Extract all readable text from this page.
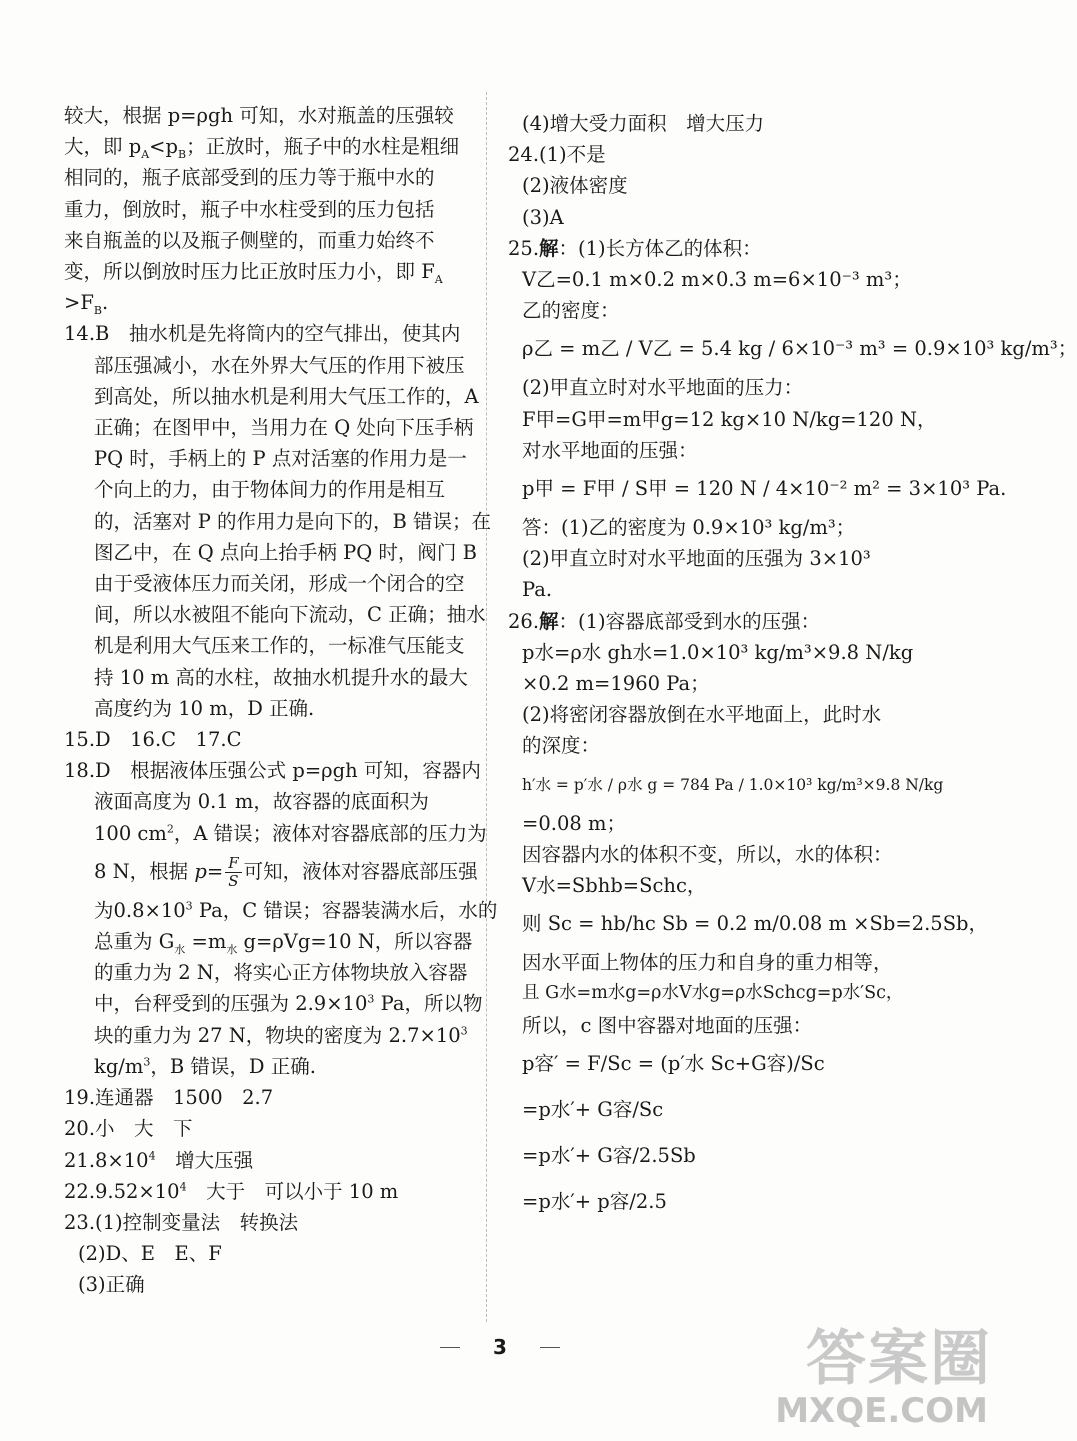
较大，根据 p=ρgh 可知，水对瓶盖的压强较
大，即 $p_A<p_B$；正放时，瓶子中的水柱是粗细
相同的，瓶子底部受到的压力等于瓶中水的
重力，倒放时，瓶子中水柱受到的压力包括
来自瓶盖的以及瓶子侧壁的，而重力始终不
变，所以倒放时压力比正放时压力小，即 $F_A$
$>F_B$.
14.B　抽水机是先将筒内的空气排出，使其内
部压强减小，水在外界大气压的作用下被压
到高处，所以抽水机是利用大气压工作的，A
正确；在图甲中，当用力在 Q 处向下压手柄
PQ 时，手柄上的 P 点对活塞的作用力是一
个向上的力，由于物体间力的作用是相互
的，活塞对 P 的作用力是向下的，B 错误；在
图乙中，在 Q 点向上抬手柄 PQ 时，阀门 B
由于受液体压力而关闭，形成一个闭合的空
间，所以水被阻不能向下流动，C 正确；抽水
机是利用大气压来工作的，一标准气压能支
持 10 m 高的水柱，故抽水机提升水的最大
高度约为 10 m，D 正确.
15.D　16.C　17.C
18.D　根据液体压强公式 p=ρgh 可知，容器内
液面高度为 0.1 m，故容器的底面积为
100 $cm^2$，A 错误；液体对容器底部的压力为
8 N，根据 $p= \frac{F}{S}$ 可知，液体对容器底部压强
为$0.8\times 10^3$ Pa，C 错误；容器装满水后，水的
总重为 $G_水 =m_水$ g=ρVg=10 N，所以容器
的重力为 2 N，将实心正方体物块放入容器
中，台秤受到的压强为 $2.9\times 10^3$ Pa，所以物
块的重力为 27 N，物块的密度为 $2.7\times 10^3$
$kg/m^3$，B 错误，D 正确.
19.连通器　1500　2.7
20.小　大　下
$21.8\times 10^4$　增大压强
$22.9.52\times 10^4$　大于　可以小于 10 m
23.(1)控制变量法　转换法
(2)D、E　E、F
(3)正确
(4)增大受力面积　增大压力
24.(1)不是
(2)液体密度
(3)A
25.解：(1)长方体乙的体积：
V乙=0.1 m×0.2 m×0.3 m=6×10⁻³ m³；
乙的密度：
ρ乙 = m乙 / V乙 = 5.4 kg / 6×10⁻³ m³ = 0.9×10³ kg/m³；
(2)甲直立时对水平地面的压力：
F甲=G甲=m甲g=12 kg×10 N/kg=120 N，
对水平地面的压强：
p甲 = F甲 / S甲 = 120 N / 4×10⁻² m² = 3×10³ Pa.
答：(1)乙的密度为 0.9×10³ kg/m³；
(2)甲直立时对水平地面的压强为 3×10³
Pa.
26.解：(1)容器底部受到水的压强：
p水=ρ水 gh水=1.0×10³ kg/m³×9.8 N/kg
×0.2 m=1960 Pa；
(2)将密闭容器放倒在水平地面上，此时水
的深度：
h′水 = p′水 / ρ水 g = 784 Pa / 1.0×10³ kg/m³×9.8 N/kg
=0.08 m；
因容器内水的体积不变，所以，水的体积：
V水=Sbhb=Schc，
则 Sc = hb/hc Sb = 0.2 m/0.08 m ×Sb=2.5Sb，
因水平面上物体的压力和自身的重力相等，
且 G水=m水g=ρ水V水g=ρ水Schcg=p水′Sc，
所以，c 图中容器对地面的压强：
p容′ = F/Sc = (p′水 Sc+G容)/Sc
=p水′+ G容/Sc
=p水′+ G容/2.5Sb
=p水′+ p容/2.5
3	答案圈
MXQE.COM
